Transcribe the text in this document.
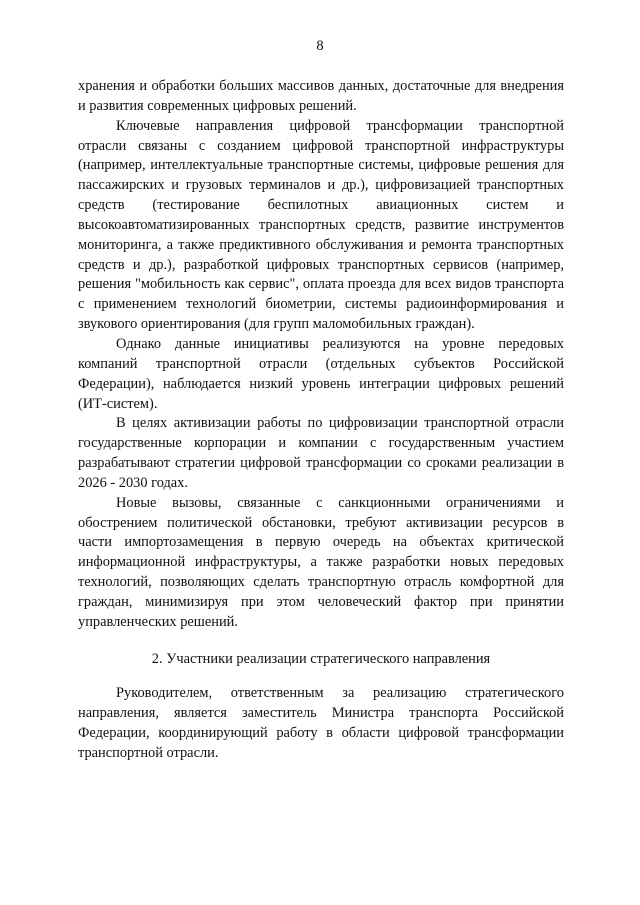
8

хранения и обработки больших массивов данных, достаточные для внедрения и развития современных цифровых решений.

Ключевые направления цифровой трансформации транспортной отрасли связаны с созданием цифровой транспортной инфраструктуры (например, интеллектуальные транспортные системы, цифровые решения для пассажирских и грузовых терминалов и др.), цифровизацией транспортных средств (тестирование беспилотных авиационных систем и высокоавтоматизированных транспортных средств, развитие инструментов мониторинга, а также предиктивного обслуживания и ремонта транспортных средств и др.), разработкой цифровых транспортных сервисов (например, решения "мобильность как сервис", оплата проезда для всех видов транспорта с применением технологий биометрии, системы радиоинформирования и звукового ориентирования (для групп маломобильных граждан).

Однако данные инициативы реализуются на уровне передовых компаний транспортной отрасли (отдельных субъектов Российской Федерации), наблюдается низкий уровень интеграции цифровых решений (ИТ-систем).

В целях активизации работы по цифровизации транспортной отрасли государственные корпорации и компании с государственным участием разрабатывают стратегии цифровой трансформации со сроками реализации в 2026 - 2030 годах.

Новые вызовы, связанные с санкционными ограничениями и обострением политической обстановки, требуют активизации ресурсов в части импортозамещения в первую очередь на объектах критической информационной инфраструктуры, а также разработки новых передовых технологий, позволяющих сделать транспортную отрасль комфортной для граждан, минимизируя при этом человеческий фактор при принятии управленческих решений.

2. Участники реализации стратегического направления

Руководителем, ответственным за реализацию стратегического направления, является заместитель Министра транспорта Российской Федерации, координирующий работу в области цифровой трансформации транспортной отрасли.
